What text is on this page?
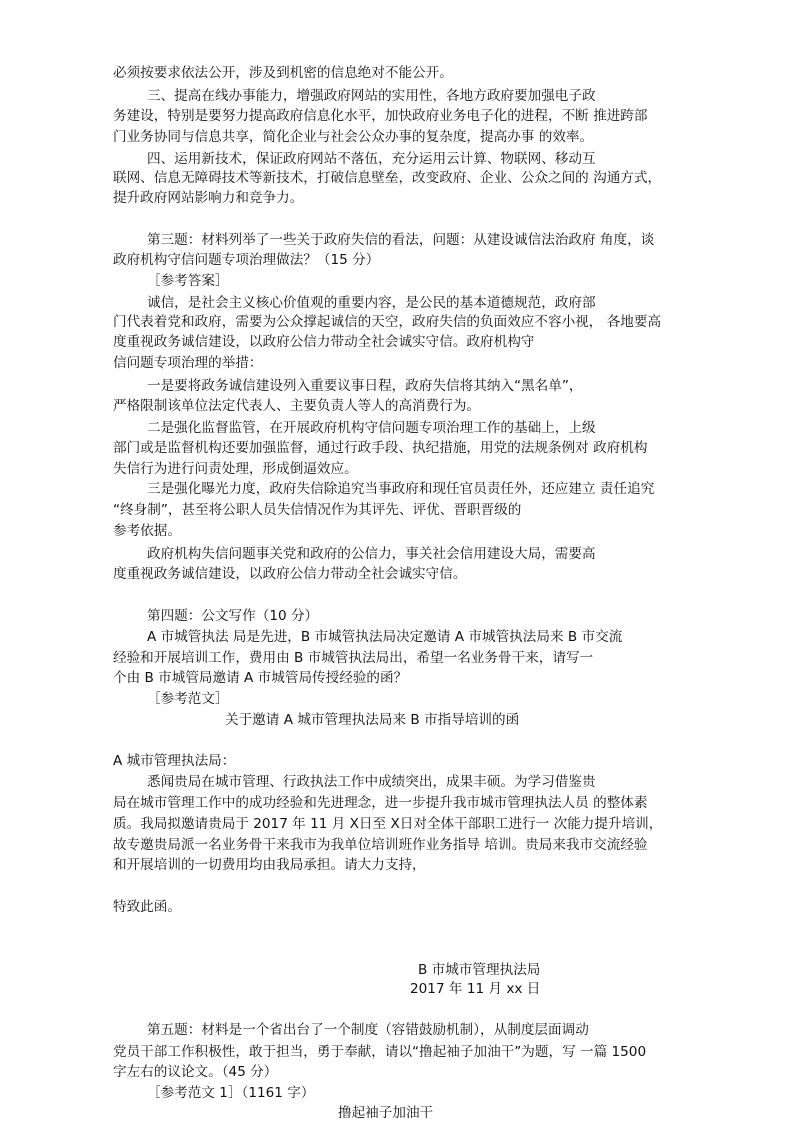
必须按要求依法公开，涉及到机密的信息绝对不能公开。
三、提高在线办事能力，增强政府网站的实用性，各地方政府要加强电子政
务建设，特别是要努力提高政府信息化水平，加快政府业务电子化的进程，不断 推进跨部
门业务协同与信息共享，简化企业与社会公众办事的复杂度，提高办事 的效率。
四、运用新技术，保证政府网站不落伍，充分运用云计算、物联网、移动互
联网、信息无障碍技术等新技术，打破信息壁垒，改变政府、企业、公众之间的 沟通方式，
提升政府网站影响力和竞争力。
第三题：材料列举了一些关于政府失信的看法，问题：从建设诚信法治政府 角度，谈
政府机构守信问题专项治理做法？（15 分）
［参考答案］
诚信，是社会主义核心价值观的重要内容，是公民的基本道德规范，政府部
门代表着党和政府，需要为公众撑起诚信的天空，政府失信的负面效应不容小视， 各地要高
度重视政务诚信建设，以政府公信力带动全社会诚实守信。政府机构守
信问题专项治理的举措：
一是要将政务诚信建设列入重要议事日程，政府失信将其纳入“黑名单”，
严格限制该单位法定代表人、主要负责人等人的高消费行为。
二是强化监督监管，在开展政府机构守信问题专项治理工作的基础上，上级
部门或是监督机构还要加强监督，通过行政手段、执纪措施，用党的法规条例对 政府机构
失信行为进行问责处理，形成倒逼效应。
三是强化曝光力度，政府失信除追究当事政府和现任官员责任外，还应建立 责任追究
“终身制”，甚至将公职人员失信情况作为其评先、评优、晋职晋级的
参考依据。
政府机构失信问题事关党和政府的公信力，事关社会信用建设大局，需要高
度重视政务诚信建设，以政府公信力带动全社会诚实守信。
第四题：公文写作（10 分）
A 市城管执法 局是先进，B 市城管执法局决定邀请 A 市城管执法局来 B 市交流
经验和开展培训工作，费用由 B 市城管执法局出，希望一名业务骨干来，请写一
个由 B 市城管局邀请 A 市城管局传授经验的函？
［参考范文］
关于邀请 A 城市管理执法局来 B 市指导培训的函
A 城市管理执法局：
悉闻贵局在城市管理、行政执法工作中成绩突出，成果丰硕。为学习借鉴贵
局在城市管理工作中的成功经验和先进理念，进一步提升我市城市管理执法人员 的整体素
质。我局拟邀请贵局于 2017 年 11 月 X日至 X日对全体干部职工进行一 次能力提升培训，
故专邀贵局派一名业务骨干来我市为我单位培训班作业务指导 培训。贵局来我市交流经验
和开展培训的一切费用均由我局承担。请大力支持，
特致此函。
B 市城市管理执法局
2017 年 11 月 xx 日
第五题：材料是一个省出台了一个制度（容错鼓励机制），从制度层面调动
党员干部工作积极性，敢于担当，勇于奉献，请以“撸起袖子加油干”为题，写 一篇 1500
字左右的议论文。（45 分）
［参考范文 1］（1161 字）
撸起袖子加油干
